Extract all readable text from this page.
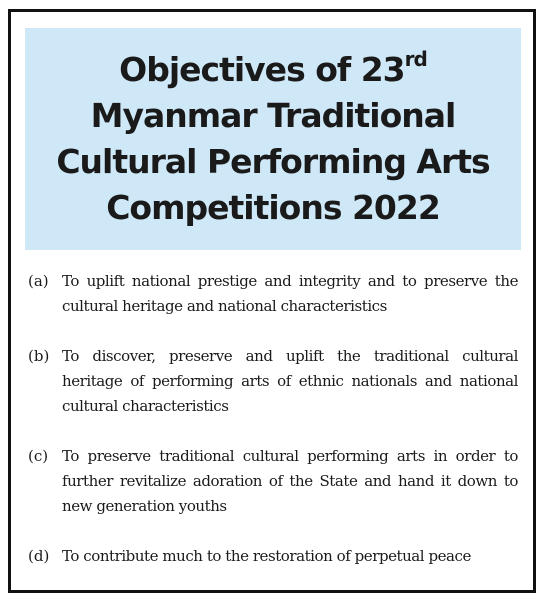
Objectives of 23rd
Myanmar Traditional
Cultural Performing Arts
Competitions 2022
(a) To uplift national prestige and integrity and to preserve the cultural heritage and national characteristics
(b) To discover, preserve and uplift the traditional cultural heritage of performing arts of ethnic nationals and national cultural characteristics
(c) To preserve traditional cultural performing arts in order to further revitalize adoration of the State and hand it down to new generation youths
(d) To contribute much to the restoration of perpetual peace
